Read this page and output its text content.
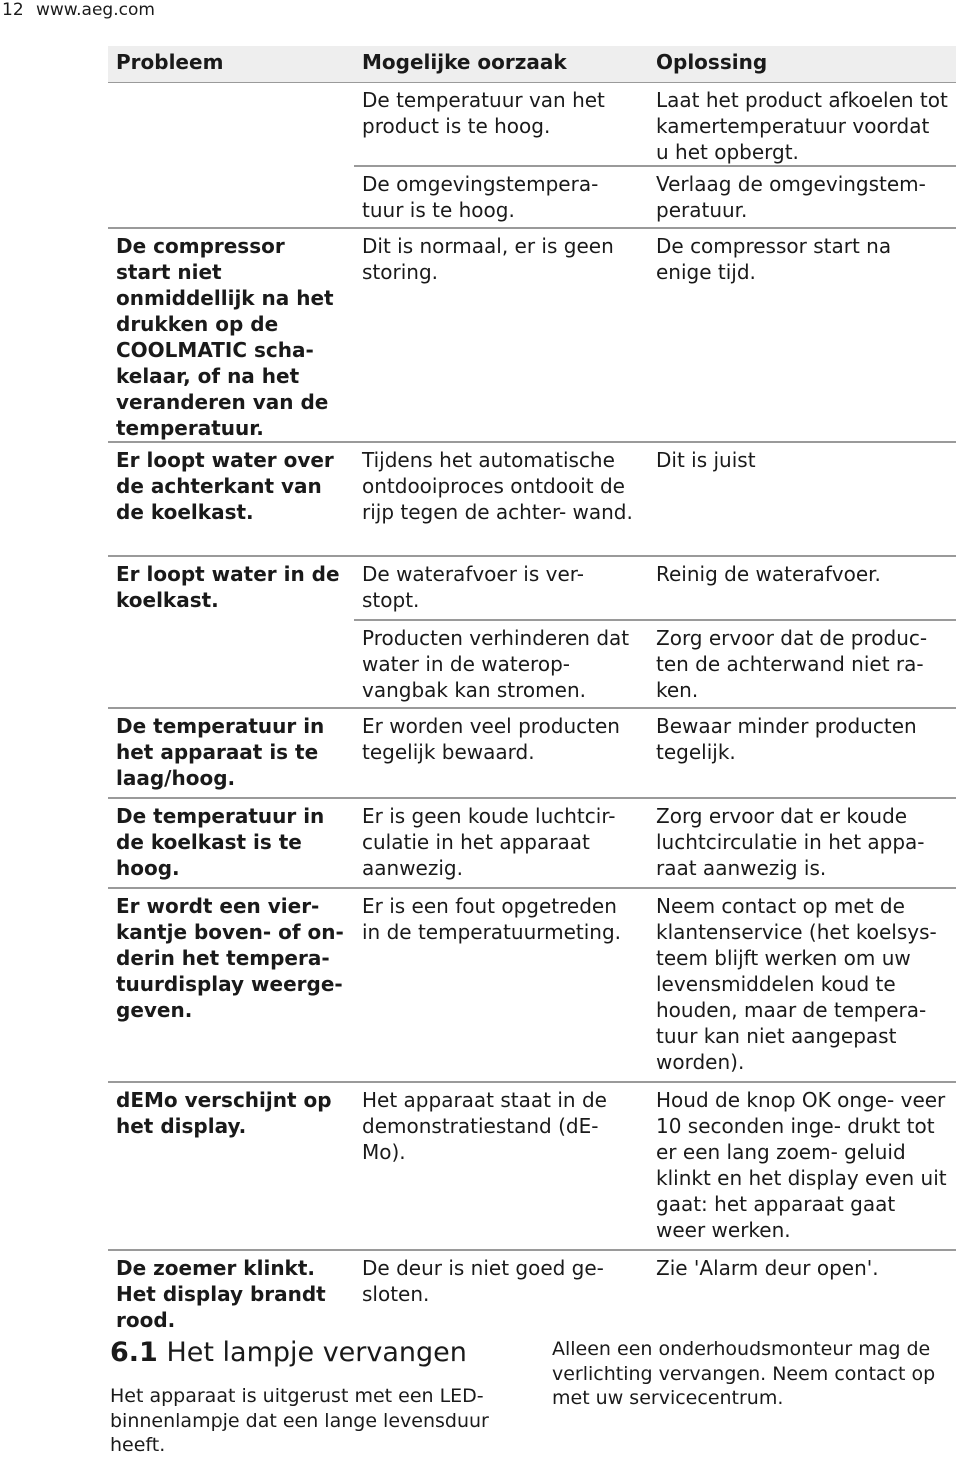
12 www.aeg.com
Probleem	Mogelijke oorzaak	Oplossing
	De temperatuur van het product is te hoog.	Laat het product afkoelen tot kamertemperatuur voordat u het opbergt.
	De omgevingstempera- tuur is te hoog.	Verlaag de omgevingstem- peratuur.
De compressor start niet onmiddellijk na het drukken op de COOLMATIC scha- kelaar, of na het veranderen van de temperatuur.	Dit is normaal, er is geen storing.	De compressor start na enige tijd.
Er loopt water over de achterkant van de koelkast.	Tijdens het automatische ontdooiproces ontdooit de rijp tegen de achter- wand.	Dit is juist
Er loopt water in de koelkast.	De waterafvoer is ver- stopt.	Reinig de waterafvoer.
	Producten verhinderen dat water in de waterop- vangbak kan stromen.	Zorg ervoor dat de produc- ten de achterwand niet ra- ken.
De temperatuur in het apparaat is te laag/hoog.	Er worden veel producten tegelijk bewaard.	Bewaar minder producten tegelijk.
De temperatuur in de koelkast is te hoog.	Er is geen koude luchtcir- culatie in het apparaat aanwezig.	Zorg ervoor dat er koude luchtcirculatie in het appa- raat aanwezig is.
Er wordt een vier- kantje boven- of on- derin het tempera- tuurdisplay weerge- geven.	Er is een fout opgetreden in de temperatuurmeting.	Neem contact op met de klantenservice (het koelsys- teem blijft werken om uw levensmiddelen koud te houden, maar de tempera- tuur kan niet aangepast worden).
dEMo verschijnt op het display.	Het apparaat staat in de demonstratiestand (dE- Mo).	Houd de knop OK onge- veer 10 seconden inge- drukt tot er een lang zoem- geluid klinkt en het display even uit gaat: het apparaat gaat weer werken.
De zoemer klinkt. Het display brandt rood.	De deur is niet goed ge- sloten.	Zie 'Alarm deur open'.
6.1 Het lampje vervangen
Het apparaat is uitgerust met een LED- binnenlampje dat een lange levensduur heeft.
Alleen een onderhoudsmonteur mag de verlichting vervangen. Neem contact op met uw servicecentrum.
